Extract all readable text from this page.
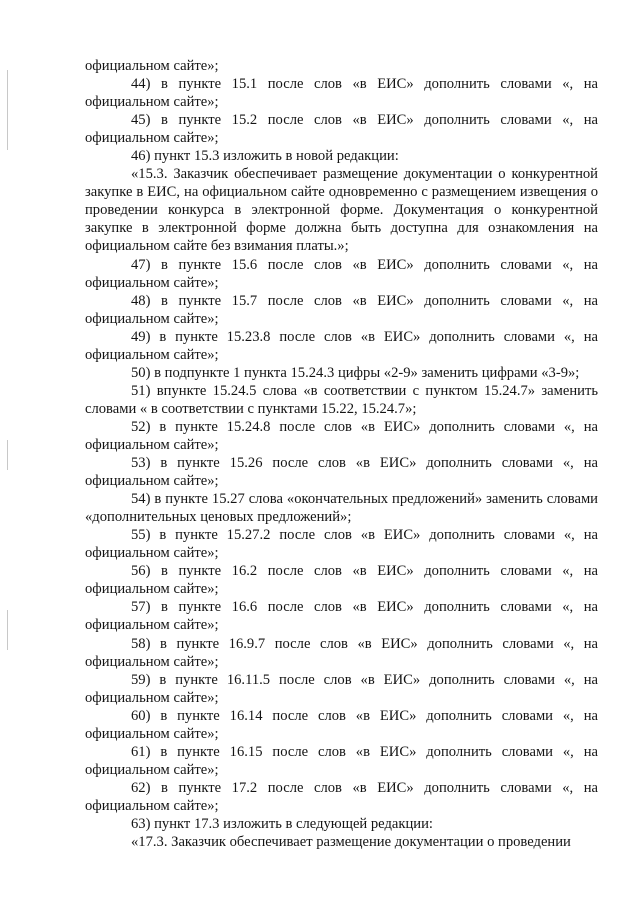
официальном сайте»;

44) в пункте 15.1 после слов «в ЕИС» дополнить словами «, на официальном сайте»;

45) в пункте 15.2 после слов «в ЕИС» дополнить словами «, на официальном сайте»;

46) пункт 15.3 изложить в новой редакции:

«15.3. Заказчик обеспечивает размещение документации о конкурентной закупке в ЕИС, на официальном сайте одновременно с размещением извещения о проведении конкурса в электронной форме. Документация о конкурентной закупке в электронной форме должна быть доступна для ознакомления на официальном сайте без взимания платы.»;

47) в пункте 15.6 после слов «в ЕИС» дополнить словами «, на официальном сайте»;

48) в пункте 15.7 после слов «в ЕИС» дополнить словами «, на официальном сайте»;

49) в пункте 15.23.8 после слов «в ЕИС» дополнить словами «, на официальном сайте»;

50) в подпункте 1 пункта 15.24.3 цифры «2-9» заменить цифрами «3-9»;

51) впункте 15.24.5 слова «в соответствии с пунктом 15.24.7» заменить словами « в соответствии с пунктами 15.22, 15.24.7»;

52) в пункте 15.24.8 после слов «в ЕИС» дополнить словами «, на официальном сайте»;

53) в пункте 15.26 после слов «в ЕИС» дополнить словами «, на официальном сайте»;

54) в пункте 15.27 слова «окончательных предложений» заменить словами «дополнительных ценовых предложений»;

55) в пункте 15.27.2 после слов «в ЕИС» дополнить словами «, на официальном сайте»;

56) в пункте 16.2 после слов «в ЕИС» дополнить словами «, на официальном сайте»;

57) в пункте 16.6 после слов «в ЕИС» дополнить словами «, на официальном сайте»;

58) в пункте 16.9.7 после слов «в ЕИС» дополнить словами «, на официальном сайте»;

59) в пункте 16.11.5 после слов «в ЕИС» дополнить словами «, на официальном сайте»;

60) в пункте 16.14 после слов «в ЕИС» дополнить словами «, на официальном сайте»;

61) в пункте 16.15 после слов «в ЕИС» дополнить словами «, на официальном сайте»;

62) в пункте 17.2 после слов «в ЕИС» дополнить словами «, на официальном сайте»;

63) пункт 17.3 изложить в следующей редакции:

«17.3. Заказчик обеспечивает размещение документации о проведении
